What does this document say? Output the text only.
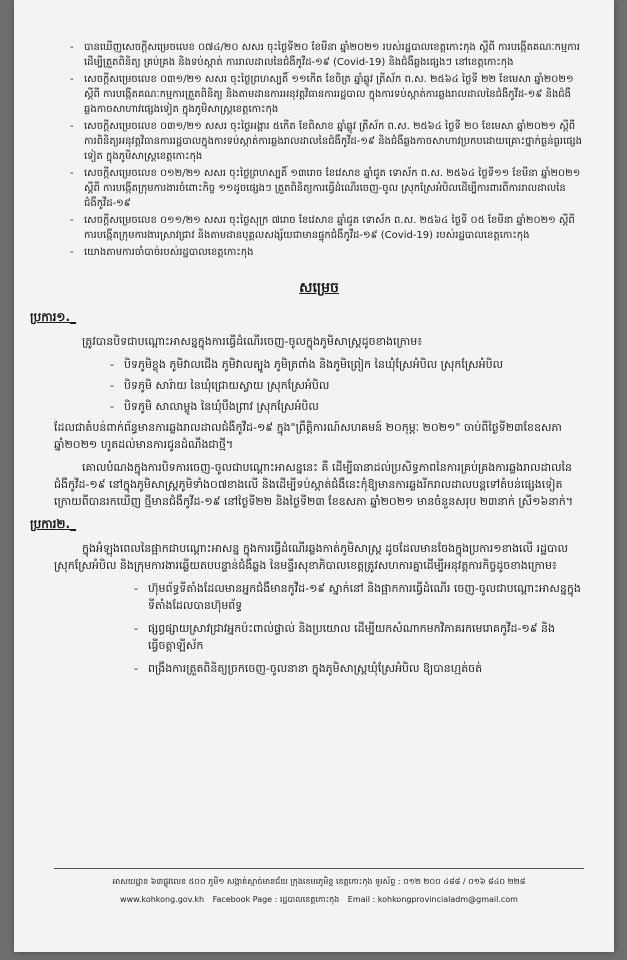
- បានឃើញសេចក្ដីសម្រេចលេខ ០៧៤/២០ សសរ ចុះថ្ងៃទី២០ ខែមីនា ឆ្នាំ២០២១ របស់រដ្ឋបាលខេត្តកោះកុង ស្ដីពី ការបង្កើតគណៈកម្មការ ដើម្បីត្រួតពិនិត្យ គ្រប់គ្រង និងទប់ស្កាត់ ការរាលដាលនៃជំងឺកូវីដ-១៩ (Covid-19) និងជំងឺឆ្លងផ្សេងៗ នៅខេត្តកោះកុង
- សេចក្ដីសម្រេចលេខ ០៣១/២១ សសរ ចុះថ្ងៃព្រហស្បតិ៍ ១១កើត ខែចិត្រ ឆ្នាំឆ្លូវ ត្រីស័ក ព.ស. ២៥៦៤ ថ្ងៃទី ២២ ខែមេសា ឆ្នាំ២០២១ ស្ដីពី ការបង្កើតគណៈកម្មការត្រួតពិនិត្យ និងតាមដានការអនុវត្តវិធានការរដ្ឋបាល ក្នុងការទប់ស្កាត់ការឆ្លងរាលដាលនៃជំងឺកូវីដ-១៩ និងជំងឺឆ្លងកាចសាហាវផ្សេងទៀត ក្នុងភូមិសាស្ត្រខេត្តកោះកុង
- សេចក្ដីសម្រេចលេខ ០៣១/២១ សសរ ចុះថ្ងៃអង្គារ ៥កើត ខែពិសាខ ឆ្នាំឆ្លូវ ត្រីស័ក ព.ស. ២៥៦៤ ថ្ងៃទី ២០ ខែមេសា ឆ្នាំ២០២១ ស្ដីពី ការពិនិត្យអនុវត្តវិធានការរដ្ឋបាលក្នុងការទប់ស្កាត់ការឆ្លងរាលដាលនៃជំងឺកូវីដ-១៩ និងជំងឺឆ្លងកាចសាហាវប្រកបដោយគ្រោះថ្នាក់ធ្ងន់ធ្ងរផ្សេងទៀត ក្នុងភូមិសាស្ត្រខេត្តកោះកុង
- សេចក្ដីសម្រេចលេខ ០១២/២១ សសរ ចុះថ្ងៃព្រហស្បតិ៍ ១៣រោច ខែវេសាខ ឆ្នាំជូត ទោស័ក ព.ស. ២៥៦៤ ថ្ងៃទី១១ ខែមីនា ឆ្នាំ២០២១ ស្ដីពី ការបង្កើតក្រុមការងារចំពោះកិច្ច ១១ដូចផ្សេងៗ ត្រួតពិនិត្យការធ្វើដំណើរចេញ-ចូល ស្រុកស្រែអំបិលដើម្បីការពារពីការរាលដាលនៃជំងឺកូវីដ-១៩
- សេចក្ដីសម្រេចលេខ ០១១/២១ សសរ ចុះថ្ងៃសុក្រ ៧រោច ខែវេសាខ ឆ្នាំជូត ទោស័ក ព.ស. ២៥៦៤ ថ្ងៃទី ០៥ ខែមីនា ឆ្នាំ២០២១ ស្ដីពីការបង្កើតក្រុមការងារស្រាវជ្រាវ និងតាមដានបុគ្គលសង្ស័យជាមានផ្ទុកជំងឺកូវីដ-១៩ (Covid-19) របស់រដ្ឋបាលខេត្តកោះកុង
- យោងតាមការចាំបាច់របស់រដ្ឋបាលខេត្តកោះកុង
សម្រេច
ប្រការ១._
ត្រូវបានបិទជាបណ្ដោះអាសន្នក្នុងការធ្វើដំណើរចេញ-ចូលក្នុងភូមិសាស្ត្រដូចខាងក្រោម៖
- បិទភូមិខ្លុង ភូមិវាលជើង ភូមិវាលត្បូង ភូមិត្រពាំង និងភូមិព្រៀក នៃឃុំស្រែអំបិល ស្រុកស្រែអំបិល
- បិទភូមិ សារ៉ាយ នៃឃុំជ្រោយស្វាយ ស្រុកស្រែអំបិល
- បិទភូមិ សាលាម្លូង នៃឃុំបឹងព្រាវ ស្រុកស្រែអំបិល
ដែលជាតំបន់ពាក់ព័ន្ធមានការឆ្លងរាលដាលជំងឺកូវីដ-១៩ ក្នុង"ព្រឹត្តិការណ៍សហគមន៍ ២០កុម្ភៈ ២០២១" ចាប់ពីថ្ងៃទី២៣ខែឧសភា ឆ្នាំ២០២១ ហូតដល់មានការជូនដំណឹងជាថ្មី។
គោលបំណងក្នុងការបិទការចេញ-ចូលជាបណ្ដោះអាសន្ននេះ គឺ ដើម្បីធានាដល់ប្រសិទ្ធភាពនៃការគ្រប់គ្រងការឆ្លងរាលដាលនៃជំងឺកូវីដ-១៩ នៅក្នុងភូមិសាស្ត្រភូមិទាំង០៧ខាងលើ និងដើម្បីទប់ស្កាត់ជំងឺនេះកុំឱ្យមានការឆ្លងរីករាលដាលបន្តទៅតំបន់ផ្សេងទៀត ក្រោយពីបានរកឃើញ ថ្មីមានជំងឺកូវីដ-១៩ នៅថ្ងៃទី២២ និងថ្ងៃទី២៣ ខែឧសភា ឆ្នាំ២០២១ មានចំនួនសរុប ២៣នាក់ ស្រី១៦នាក់។
ប្រការ២._
ក្នុងអំឡុងពេលនៃផ្អាកជាបណ្ដោះអាសន្ន ក្នុងការធ្វើដំណើរឆ្លងកាត់ភូមិសាស្ត្រ ដូចដែលមានចែងក្នុងប្រការ១ខាងលើ រដ្ឋបាលស្រុកស្រែអំបិល និងក្រុមការងារឆ្លើយតបបន្ទាន់ជំងឺឆ្លង នៃមន្ទីរសុខាភិបាលខេត្តត្រូវសហការគ្នាដើម្បីអនុវត្តការកិច្ចដូចខាងក្រោម៖
- ហ៊ុមព័ទ្ធទីតាំងដែលមានអ្នកជំងឺមានកូវីដ-១៩ ស្នាក់នៅ និងផ្អាកការធ្វើដំណើរ ចេញ-ចូលជាបណ្ដោះអាសន្នក្នុងទីតាំងដែលបានហ៊ុមព័ទ្ធ
- ផ្សព្វផ្សាយស្រាវជ្រាវអ្នកប៉ះពាល់ផ្ទាល់ និងប្រយោល ដើម្បីយកសំណាកមកវិភាគរកមេរោគកូវីដ-១៩ និងធ្វើចត្តាឡីស័ក
- ពង្រឹងការត្រួតពិនិត្យច្រកចេញ-ចូលនានា ក្នុងភូមិសាស្ត្រឃុំស្រែអំបិល ឱ្យបានហ្មត់ចត់
អាសយដ្ឋាន ៦៣ផ្លូវលេខ ៥០០ ភូមិ១ សង្កាត់ស្មាច់មានជ័យ ក្រុងខេមរភូមិន្ទ ខេត្តកោះកុង ទូរស័ព្ទ : ០១២ ២០០ ៤៨៨ / ០១៦ ៨៤០ ២២៨
www.kohkong.gov.kh Facebook Page : រដ្ឋបាលខេត្តកោះកុង Email : kohkongprovincialadm@gmail.com
